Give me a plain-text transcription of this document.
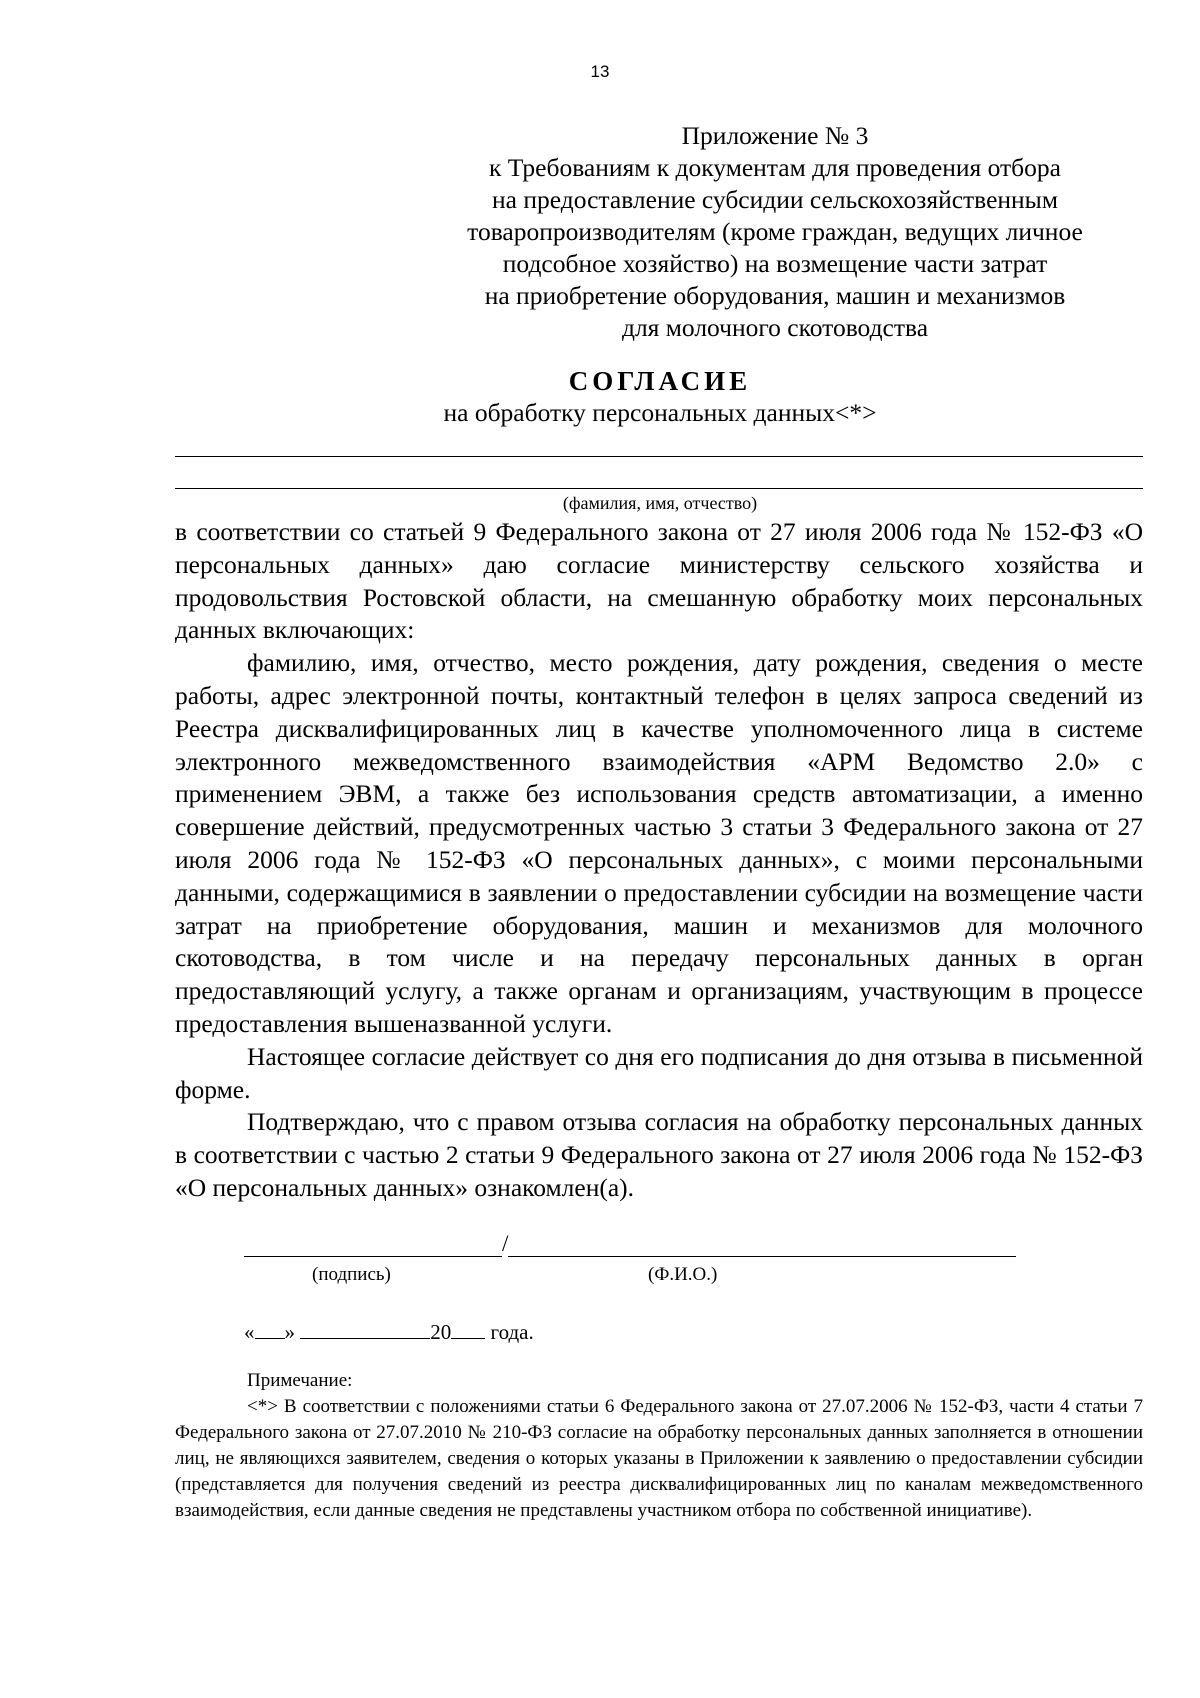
13
Приложение № 3
к Требованиям к документам для проведения отбора
на предоставление субсидии сельскохозяйственным
товаропроизводителям (кроме граждан, ведущих личное
подсобное хозяйство) на возмещение части затрат
на приобретение оборудования, машин и механизмов
для молочного скотоводства
СОГЛАСИЕ
на обработку персональных данных<*>
(фамилия, имя, отчество)

в соответствии со статьей 9 Федерального закона от 27 июля 2006 года № 152-ФЗ «О персональных данных» даю согласие министерству сельского хозяйства и продовольствия Ростовской области, на смешанную обработку моих персональных данных включающих:

фамилию, имя, отчество, место рождения, дату рождения, сведения о месте работы, адрес электронной почты, контактный телефон в целях запроса сведений из Реестра дисквалифицированных лиц в качестве уполномоченного лица в системе электронного межведомственного взаимодействия «АРМ Ведомство 2.0» с применением ЭВМ, а также без использования средств автоматизации, а именно совершение действий, предусмотренных частью 3 статьи 3 Федерального закона от 27 июля 2006 года № 152-ФЗ «О персональных данных», с моими персональными данными, содержащимися в заявлении о предоставлении субсидии на возмещение части затрат на приобретение оборудования, машин и механизмов для молочного скотоводства, в том числе и на передачу персональных данных в орган предоставляющий услугу, а также органам и организациям, участвующим в процессе предоставления вышеназванной услуги.

Настоящее согласие действует со дня его подписания до дня отзыва в письменной форме.

Подтверждаю, что с правом отзыва согласия на обработку персональных данных в соответствии с частью 2 статьи 9 Федерального закона от 27 июля 2006 года № 152-ФЗ «О персональных данных» ознакомлен(а).

/
(подпись)	(Ф.И.О.)
« »	20 года.

Примечание:

<*> В соответствии с положениями статьи 6 Федерального закона от 27.07.2006 № 152-ФЗ, части 4 статьи 7 Федерального закона от 27.07.2010 № 210-ФЗ согласие на обработку персональных данных заполняется в отношении лиц, не являющихся заявителем, сведения о которых указаны в Приложении к заявлению о предоставлении субсидии (представляется для получения сведений из реестра дисквалифицированных лиц по каналам межведомственного взаимодействия, если данные сведения не представлены участником отбора по собственной инициативе).
